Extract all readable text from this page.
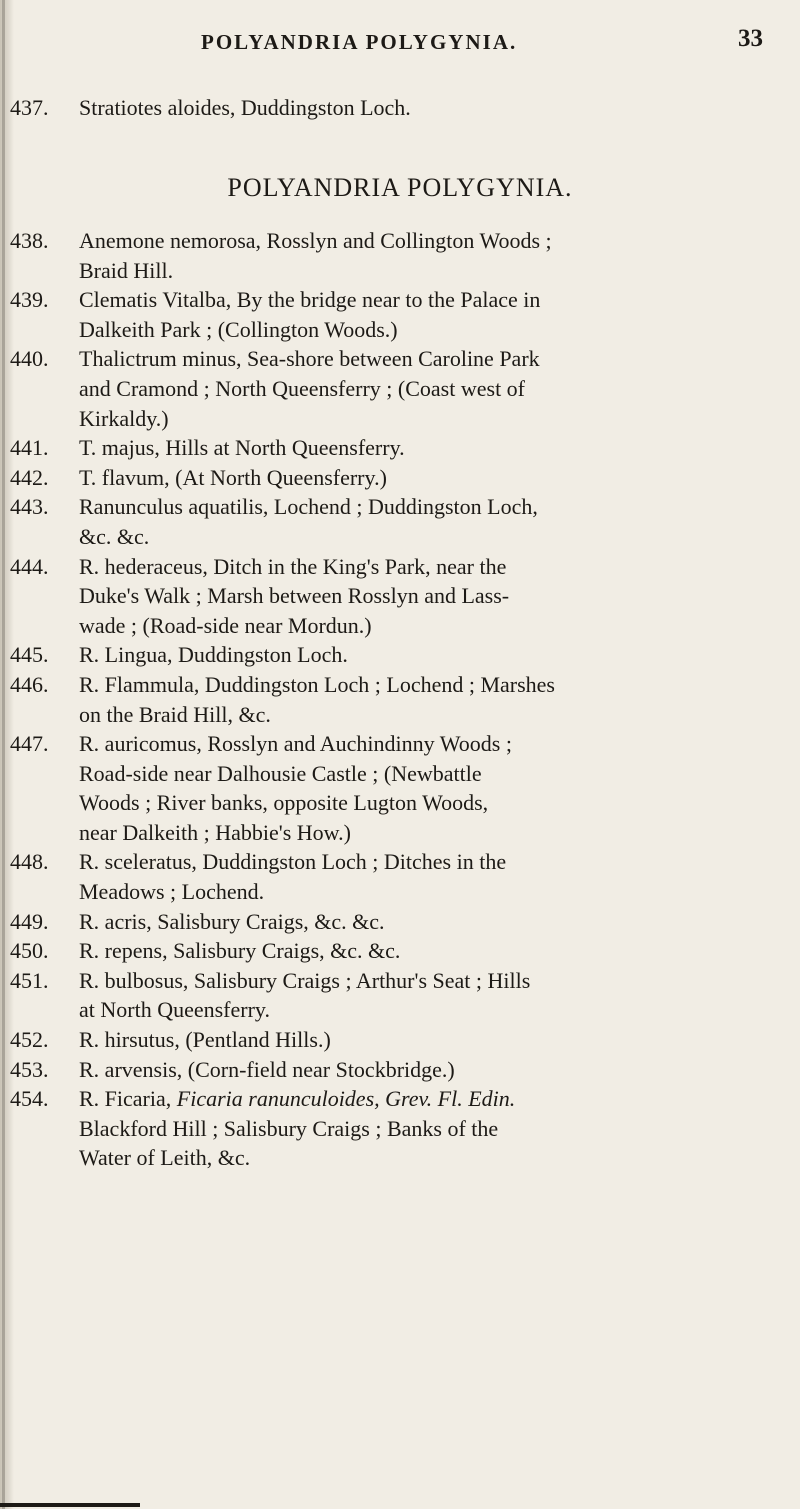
POLYANDRIA POLYGYNIA.	33
437.	Stratiotes aloides, Duddingston Loch.
POLYANDRIA POLYGYNIA.
438.	Anemone nemorosa, Rosslyn and Collington Woods ;
Braid Hill.
439.	Clematis Vitalba, By the bridge near to the Palace in
Dalkeith Park ; (Collington Woods.)
440.	Thalictrum minus, Sea-shore between Caroline Park
and Cramond ; North Queensferry ; (Coast west of
Kirkaldy.)
441.	T. majus, Hills at North Queensferry.
442.	T. flavum, (At North Queensferry.)
443.	Ranunculus aquatilis, Lochend ; Duddingston Loch,
&c. &c.
444.	R. hederaceus, Ditch in the King's Park, near the
Duke's Walk ; Marsh between Rosslyn and Lass-
wade ; (Road-side near Mordun.)
445.	R. Lingua, Duddingston Loch.
446.	R. Flammula, Duddingston Loch ; Lochend ; Marshes
on the Braid Hill, &c.
447.	R. auricomus, Rosslyn and Auchindinny Woods ;
Road-side near Dalhousie Castle ; (Newbattle
Woods ; River banks, opposite Lugton Woods,
near Dalkeith ; Habbie's How.)
448.	R. sceleratus, Duddingston Loch ; Ditches in the
Meadows ; Lochend.
449.	R. acris, Salisbury Craigs, &c. &c.
450.	R. repens, Salisbury Craigs, &c. &c.
451.	R. bulbosus, Salisbury Craigs ; Arthur's Seat ; Hills
at North Queensferry.
452.	R. hirsutus, (Pentland Hills.)
453.	R. arvensis, (Corn-field near Stockbridge.)
454.	R. Ficaria, Ficaria ranunculoides, Grev. Fl. Edin.
Blackford Hill ; Salisbury Craigs ; Banks of the
Water of Leith, &c.
